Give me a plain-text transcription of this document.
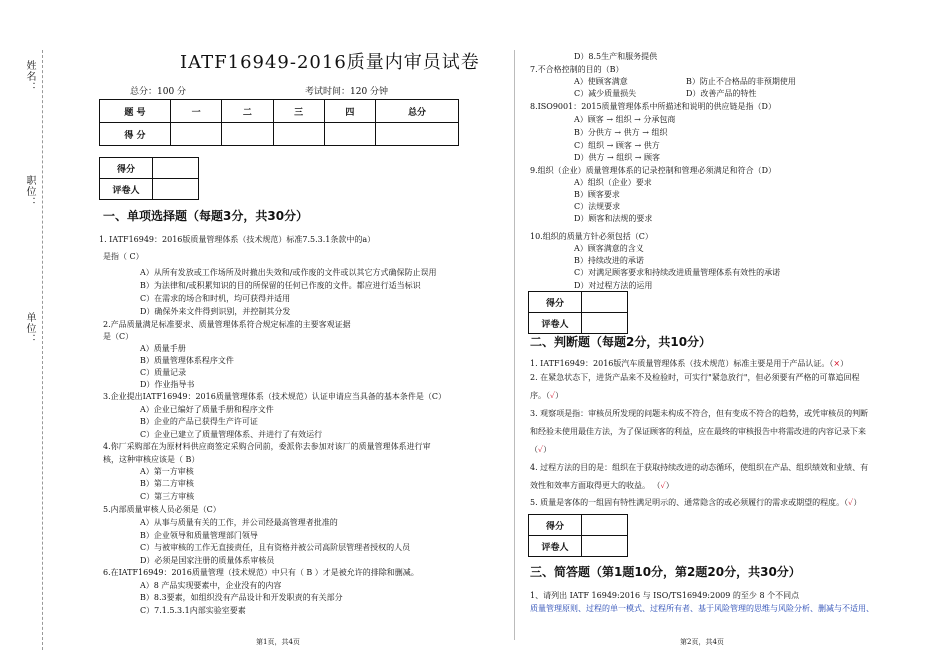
姓名：
职位：
单位：
IATF16949-2016质量内审员试卷
总分：100 分	考试时间：120 分钟
题 号	一	二	三	四	总分
得 分					
得分	
评卷人	
一、单项选择题（每题3分，共30分）
1. IATF16949：2016版质量管理体系（技术规范）标准7.5.3.1条款中的a）
是指（ C）
A）从所有发放或工作场所及时撤出失效和/或作废的文件或以其它方式确保防止误用
B）为法律和/或积累知识的目的所保留的任何已作废的文件。都应进行适当标识
C）在需求的场合和时机，均可获得并适用
D）确保外来文件得到识别，并控制其分发
2.产品质量满足标准要求、质量管理体系符合规定标准的主要客观证据
是（C）
A）质量手册
B）质量管理体系程序文件
C）质量记录
D）作业指导书
3.企业提出IATF16949：2016质量管理体系（技术规范）认证申请应当具备的基本条件是（C）
A）企业已编好了质量手册和程序文件
B）企业的产品已获得生产许可证
C）企业已建立了质量管理体系、并进行了有效运行
4.你厂采购部在为原材料供应商签定采购合同前，委派你去参加对该厂的质量管理体系进行审
核，这种审核应该是（ B）
A）第一方审核
B）第二方审核
C）第三方审核
5.内部质量审核人员必须是（C）
A）从事与质量有关的工作，并公司经最高管理者批准的
B）企业领导和质量管理部门领导
C）与被审核的工作无直接责任，且有资格并被公司高阶层管理者授权的人员
D）必须是国家注册的质量体系审核员
6.在IATF16949：2016质量管理（技术规范）中只有（ B ）才是被允许的排除和删减。
A）8 产品实现要素中，企业没有的内容
B）8.3要素，如组织没有产品设计和开发职责的有关部分
C）7.1.5.3.1内部实验室要素
D）8.5生产和服务提供
7.不合格控制的目的（B）
8.ISO9001：2015质量管理体系中所描述和说明的供应链是指（D）
A）顾客 → 组织 → 分承包商
B）分供方 → 供方 → 组织
C）组织 → 顾客 → 供方
D）供方 → 组织 → 顾客
9.组织（企业）质量管理体系的记录控制和管理必须满足和符合（D）
A）组织（企业）要求
B）顾客要求
C）法规要求
D）顾客和法规的要求
10.组织的质量方针必须包括（C）
A）顾客满意的含义
B）持续改进的承诺
C）对满足顾客要求和持续改进质量管理体系有效性的承诺
D）对过程方法的运用
A）使顾客满意	B）防止不合格品的非预期使用
C）减少质量损失	D）改善产品的特性
得分	
评卷人	
二、判断题（每题2分，共10分）
1. IATF16949：2016版汽车质量管理体系（技术规范）标准主要是用于产品认证。（×）
2. 在紧急状态下，进货产品来不及检验时，可实行"紧急放行"，但必须要有严格的可靠追回程
序。（✓）
3. 观察项是指：审核员所发现的问题未构成不符合，但有变成不符合的趋势，或凭审核员的判断
和经验未使用最佳方法，为了保证顾客的利益，应在最终的审核报告中将需改进的内容记录下来
（✓）
4. 过程方法的目的是：组织在于获取持续改进的动态循环，使组织在产品、组织绩效和业绩、有
效性和效率方面取得更大的收益。 （✓）
5. 质量是客体的一组固有特性满足明示的、通常隐含的或必须履行的需求或期望的程度。（✓）
得分	
评卷人	
三、简答题（第1题10分，第2题20分，共30分）
1、请列出 IATF 16949:2016 与 ISO/TS16949:2009 的至少 8 个不同点
质量管理原则、过程的单一模式、过程所有者、基于风险管理的思维与风险分析、删减与不适用、
第1页，共4页	第2页，共4页
